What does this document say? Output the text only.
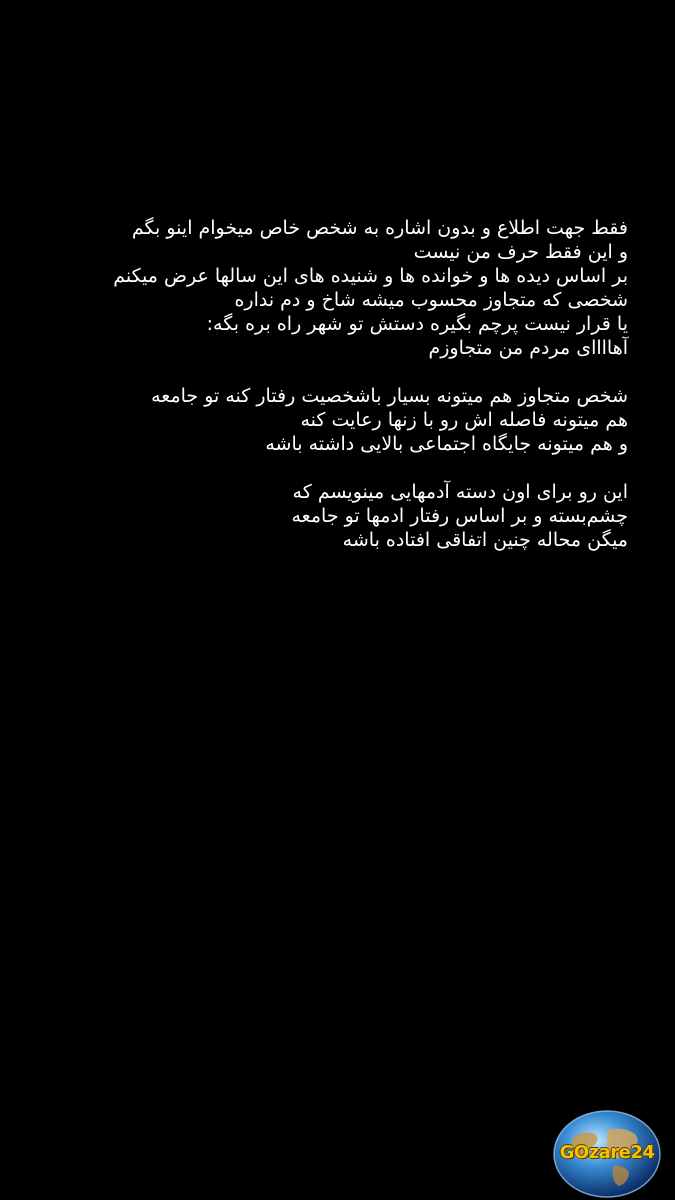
فقط جهت اطلاع و بدون اشاره به شخص خاص میخوام اینو بگم
و این فقط حرف من نیست
بر اساس دیده ها و خوانده ها و شنیده های این سالها عرض میکنم
شخصی که متجاوز محسوب میشه شاخ و دم نداره
یا قرار نیست پرچم بگیره دستش تو شهر راه بره بگه:
آهاااای مردم من متجاوزم
شخص متجاوز هم میتونه بسیار باشخصیت رفتار کنه تو جامعه
هم میتونه فاصله اش رو با زنها رعایت کنه
و هم میتونه جایگاه اجتماعی بالایی داشته باشه
این رو برای اون دسته آدمهایی مینویسم که
چشم‌بسته و بر اساس رفتار ادمها تو جامعه
میگن محاله چنین اتفاقی افتاده باشه
GOzare24
